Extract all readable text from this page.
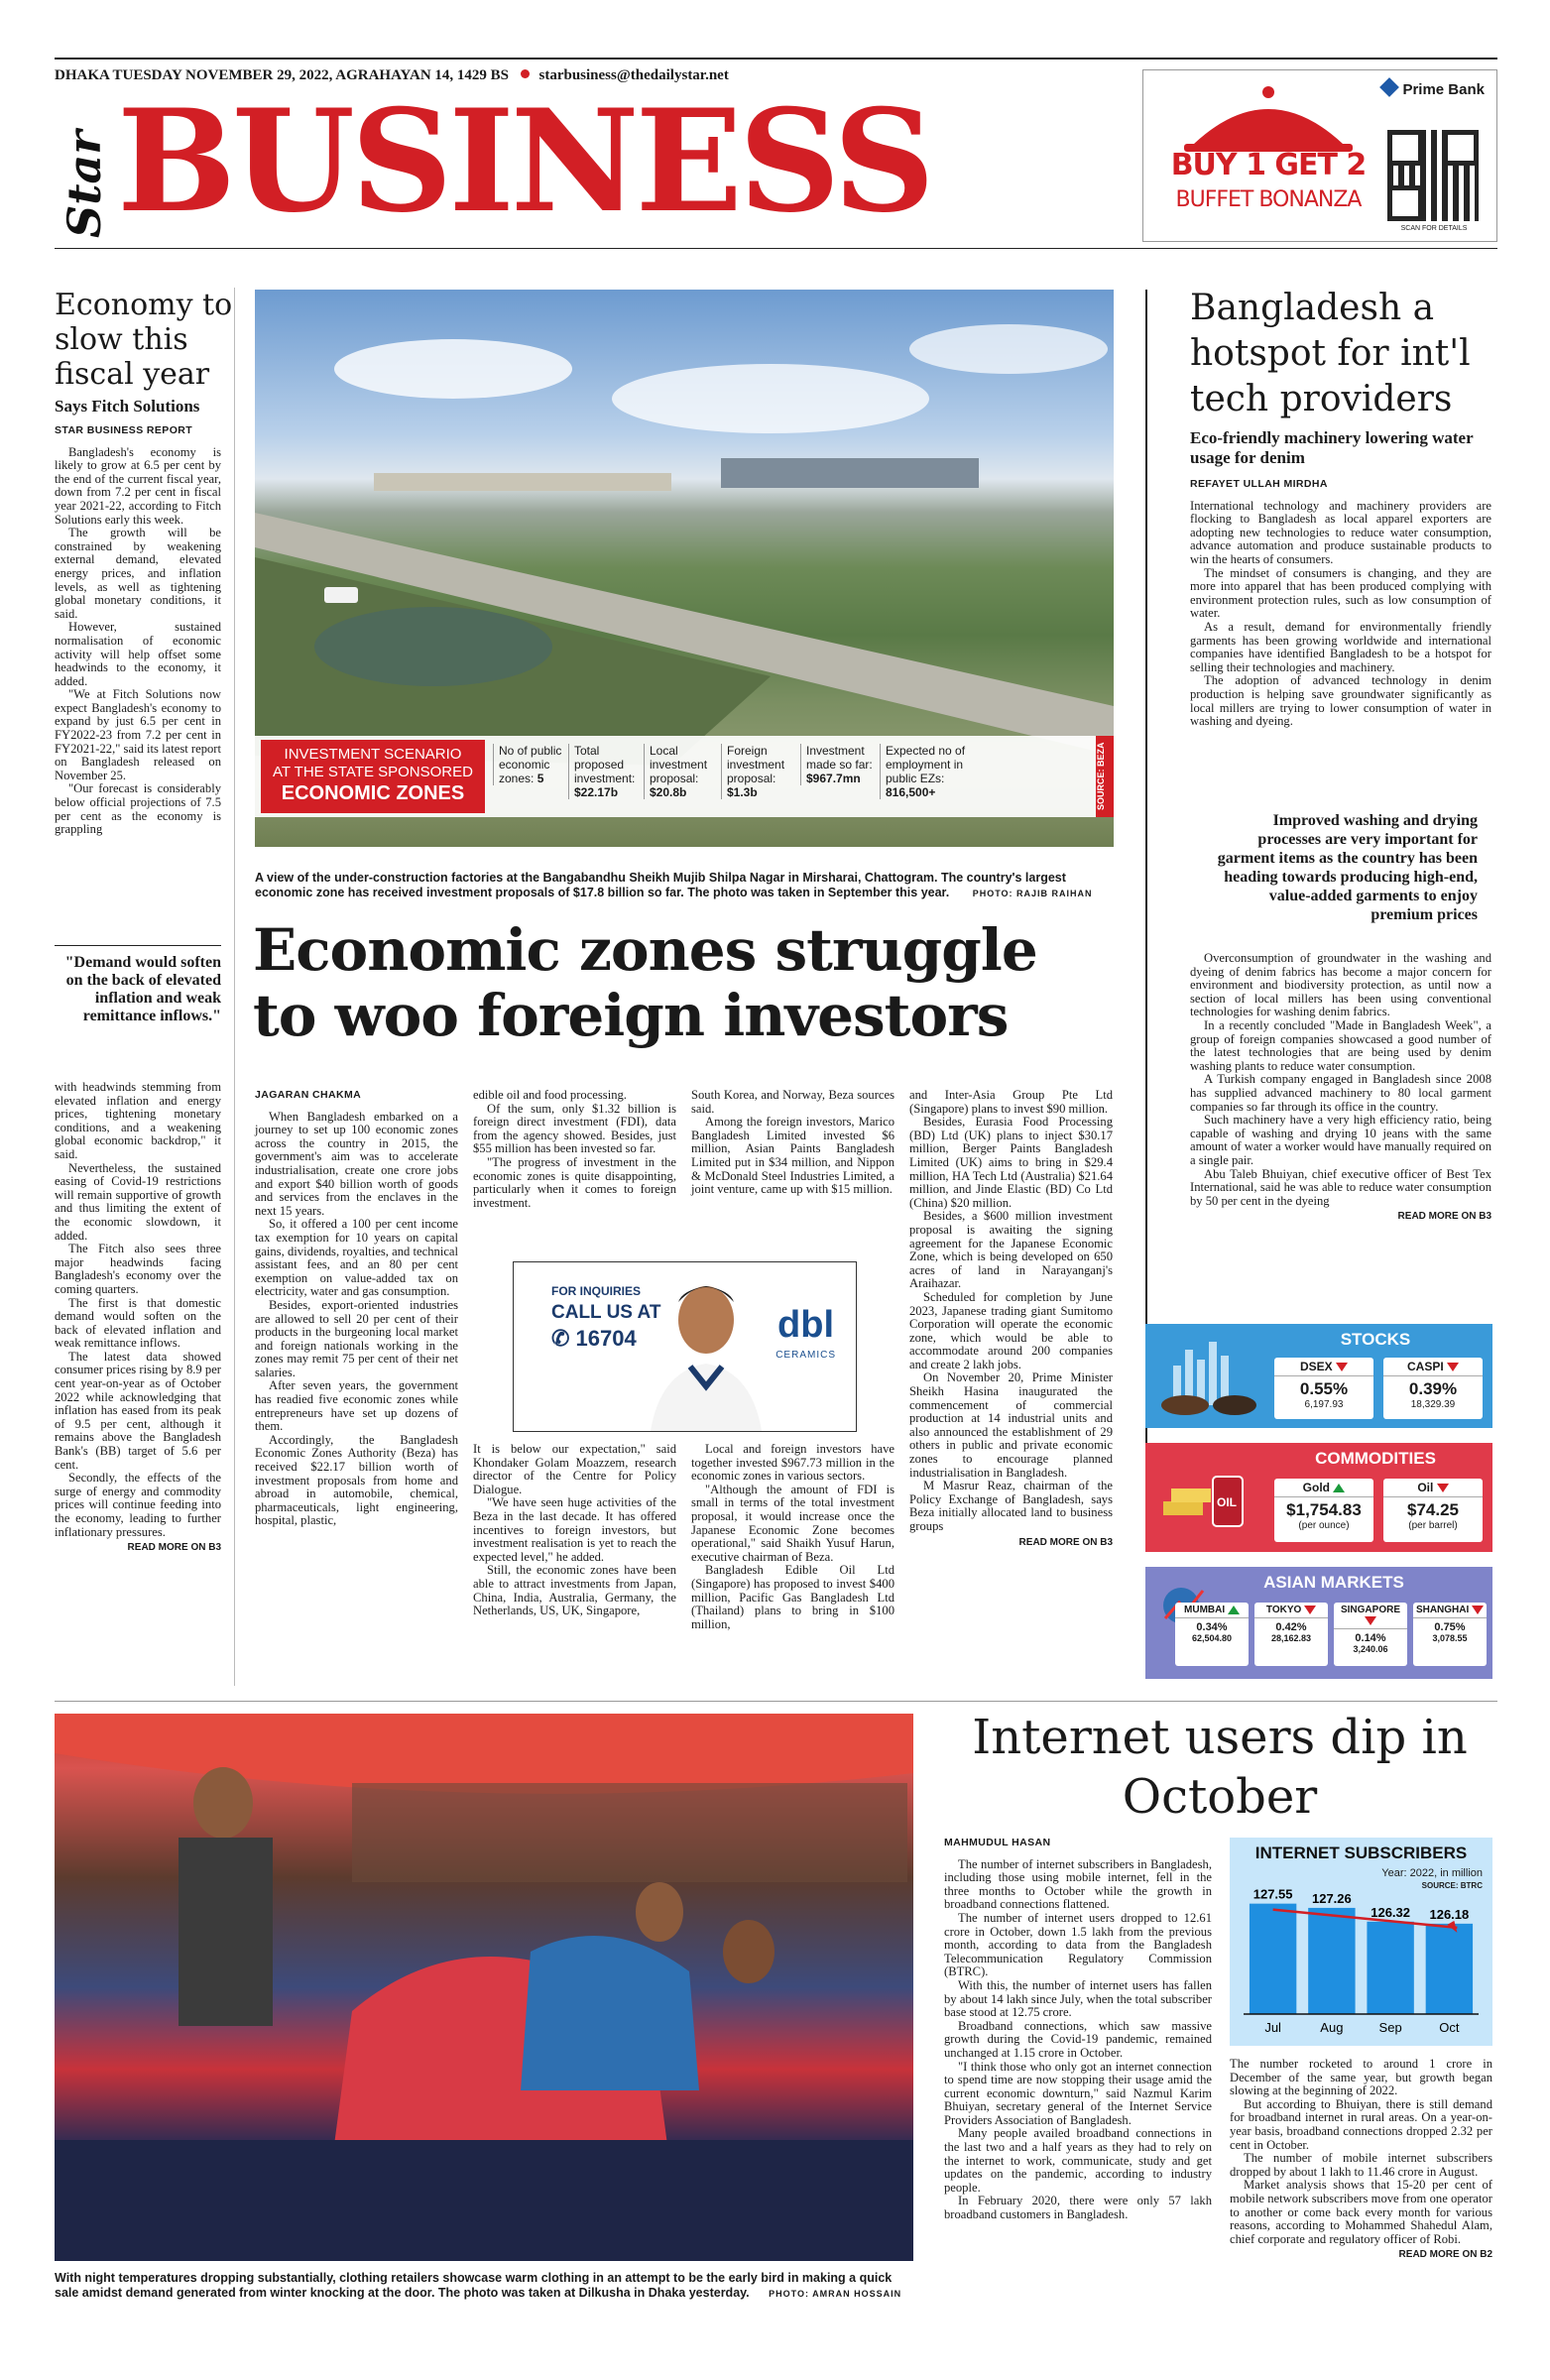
DHAKA TUESDAY NOVEMBER 29, 2022, AGRAHAYAN 14, 1429 BS starbusiness@thedailystar.net
Star BUSINESS	Prime Bank
BUY 1 GET 2
BUFFET BONANZA
SCAN FOR DETAILS
Economy to slow this fiscal year
Says Fitch Solutions
STAR BUSINESS REPORT

Bangladesh's economy is likely to grow at 6.5 per cent by the end of the current fiscal year, down from 7.2 per cent in fiscal year 2021-22, according to Fitch Solutions early this week.

The growth will be constrained by weakening external demand, elevated energy prices, and inflation levels, as well as tightening global monetary conditions, it said.

However, sustained normalisation of economic activity will help offset some headwinds to the economy, it added.

"We at Fitch Solutions now expect Bangladesh's economy to expand by just 6.5 per cent in FY2022-23 from 7.2 per cent in FY2021-22," said its latest report on Bangladesh released on November 25.

"Our forecast is considerably below official projections of 7.5 per cent as the economy is grappling

"Demand would soften on the back of elevated inflation and weak remittance inflows."

with headwinds stemming from elevated inflation and energy prices, tightening monetary conditions, and a weakening global economic backdrop," it said.

Nevertheless, the sustained easing of Covid-19 restrictions will remain supportive of growth and thus limiting the extent of the economic slowdown, it added.

The Fitch also sees three major headwinds facing Bangladesh's economy over the coming quarters.

The first is that domestic demand would soften on the back of elevated inflation and weak remittance inflows.

The latest data showed consumer prices rising by 8.9 per cent year-on-year as of October 2022 while acknowledging that inflation has eased from its peak of 9.5 per cent, although it remains above the Bangladesh Bank's (BB) target of 5.6 per cent.

Secondly, the effects of the surge of energy and commodity prices will continue feeding into the economy, leading to further inflationary pressures.

READ MORE ON B3
INVESTMENT SCENARIO
AT THE STATE SPONSORED
ECONOMIC ZONES
No of public economic zones: 5
Total proposed investment: $22.17b
Local investment proposal: $20.8b
Foreign investment proposal: $1.3b
Investment made so far: $967.7mn
Expected no of employment in public EZs: 816,500+	SOURCE: BEZA
A view of the under-construction factories at the Bangabandhu Sheikh Mujib Shilpa Nagar in Mirsharai, Chattogram. The country's largest economic zone has received investment proposals of $17.8 billion so far. The photo was taken in September this year.	PHOTO: RAJIB RAIHAN
Economic zones struggle to woo foreign investors
JAGARAN CHAKMA

When Bangladesh embarked on a journey to set up 100 economic zones across the country in 2015, the government's aim was to accelerate industrialisation, create one crore jobs and export $40 billion worth of goods and services from the enclaves in the next 15 years.

So, it offered a 100 per cent income tax exemption for 10 years on capital gains, dividends, royalties, and technical assistant fees, and an 80 per cent exemption on value-added tax on electricity, water and gas consumption.

Besides, export-oriented industries are allowed to sell 20 per cent of their products in the burgeoning local market and foreign nationals working in the zones may remit 75 per cent of their net salaries.

After seven years, the government has readied five economic zones while entrepreneurs have set up dozens of them.

Accordingly, the Bangladesh Economic Zones Authority (Beza) has received $22.17 billion worth of investment proposals from home and abroad in automobile, chemical, pharmaceuticals, light engineering, hospital, plastic,

edible oil and food processing.

Of the sum, only $1.32 billion is foreign direct investment (FDI), data from the agency showed. Besides, just $55 million has been invested so far.

"The progress of investment in the economic zones is quite disappointing, particularly when it comes to foreign investment.

South Korea, and Norway, Beza sources said.

Among the foreign investors, Marico Bangladesh Limited invested $6 million, Asian Paints Bangladesh Limited put in $34 million, and Nippon & McDonald Steel Industries Limited, a joint venture, came up with $15 million.

FOR INQUIRIES
CALL US AT
✆ 16704	dbl
CERAMICS

It is below our expectation," said Khondaker Golam Moazzem, research director of the Centre for Policy Dialogue.

"We have seen huge activities of the Beza in the last decade. It has offered incentives to foreign investors, but investment realisation is yet to reach the expected level," he added.

Still, the economic zones have been able to attract investments from Japan, China, India, Australia, Germany, the Netherlands, US, UK, Singapore,

Local and foreign investors have together invested $967.73 million in the economic zones in various sectors.

"Although the amount of FDI is small in terms of the total investment proposal, it would increase once the Japanese Economic Zone becomes operational," said Shaikh Yusuf Harun, executive chairman of Beza.

Bangladesh Edible Oil Ltd (Singapore) has proposed to invest $400 million, Pacific Gas Bangladesh Ltd (Thailand) plans to bring in $100 million,

and Inter-Asia Group Pte Ltd (Singapore) plans to invest $90 million.

Besides, Eurasia Food Processing (BD) Ltd (UK) plans to inject $30.17 million, Berger Paints Bangladesh Limited (UK) aims to bring in $29.4 million, HA Tech Ltd (Australia) $21.64 million, and Jinde Elastic (BD) Co Ltd (China) $20 million.

Besides, a $600 million investment proposal is awaiting the signing agreement for the Japanese Economic Zone, which is being developed on 650 acres of land in Narayanganj's Araihazar.

Scheduled for completion by June 2023, Japanese trading giant Sumitomo Corporation will operate the economic zone, which would be able to accommodate around 200 companies and create 2 lakh jobs.

On November 20, Prime Minister Sheikh Hasina inaugurated the commencement of commercial production at 14 industrial units and also announced the establishment of 29 others in public and private economic zones to encourage planned industrialisation in Bangladesh.

M Masrur Reaz, chairman of the Policy Exchange of Bangladesh, says Beza initially allocated land to business groups

READ MORE ON B3
Bangladesh a hotspot for int'l tech providers
Eco-friendly machinery lowering water usage for denim
REFAYET ULLAH MIRDHA

International technology and machinery providers are flocking to Bangladesh as local apparel exporters are adopting new technologies to reduce water consumption, advance automation and produce sustainable products to win the hearts of consumers.

The mindset of consumers is changing, and they are more into apparel that has been produced complying with environment protection rules, such as low consumption of water.

As a result, demand for environmentally friendly garments has been growing worldwide and international companies have identified Bangladesh to be a hotspot for selling their technologies and machinery.

The adoption of advanced technology in denim production is helping save groundwater significantly as local millers are trying to lower consumption of water in washing and dyeing.

Improved washing and drying processes are very important for garment items as the country has been heading towards producing high-end, value-added garments to enjoy premium prices

Overconsumption of groundwater in the washing and dyeing of denim fabrics has become a major concern for environment and biodiversity protection, as until now a section of local millers has been using conventional technologies for washing denim fabrics.

In a recently concluded "Made in Bangladesh Week", a group of foreign companies showcased a good number of the latest technologies that are being used by denim washing plants to reduce water consumption.

A Turkish company engaged in Bangladesh since 2008 has supplied advanced machinery to 80 local garment companies so far through its office in the country.

Such machinery have a very high efficiency ratio, being capable of washing and drying 10 jeans with the same amount of water a worker would have manually required on a single pair.

Abu Taleb Bhuiyan, chief executive officer of Best Tex International, said he was able to reduce water consumption by 50 per cent in the dyeing

READ MORE ON B3
STOCKS
DSEX
0.55%
6,197.93
CASPI
0.39%
18,329.39
OIL
COMMODITIES
Gold
$1,754.83
(per ounce)
Oil
$74.25
(per barrel)
ASIAN MARKETS
MUMBAI
0.34%
62,504.80
TOKYO
0.42%
28,162.83
SINGAPORE
0.14%
3,240.06
SHANGHAI
0.75%
3,078.55
With night temperatures dropping substantially, clothing retailers showcase warm clothing in an attempt to be the early bird in making a quick sale amidst demand generated from winter knocking at the door. The photo was taken at Dilkusha in Dhaka yesterday. PHOTO: AMRAN HOSSAIN
Internet users dip in October
MAHMUDUL HASAN

The number of internet subscribers in Bangladesh, including those using mobile internet, fell in the three months to October while the growth in broadband connections flattened.

The number of internet users dropped to 12.61 crore in October, down 1.5 lakh from the previous month, according to data from the Bangladesh Telecommunication Regulatory Commission (BTRC).

With this, the number of internet users has fallen by about 14 lakh since July, when the total subscriber base stood at 12.75 crore.

Broadband connections, which saw massive growth during the Covid-19 pandemic, remained unchanged at 1.15 crore in October.

"I think those who only got an internet connection to spend time are now stopping their usage amid the current economic downturn," said Nazmul Karim Bhuiyan, secretary general of the Internet Service Providers Association of Bangladesh.

Many people availed broadband connections in the last two and a half years as they had to rely on the internet to work, communicate, study and get updates on the pandemic, according to industry people.

In February 2020, there were only 57 lakh broadband customers in Bangladesh.

INTERNET SUBSCRIBERS
Year: 2022, in million
SOURCE: BTRC
127.55
Jul
127.26
Aug
126.32
Sep
126.18
Oct

The number rocketed to around 1 crore in December of the same year, but growth began slowing at the beginning of 2022.

But according to Bhuiyan, there is still demand for broadband internet in rural areas. On a year-on-year basis, broadband connections dropped 2.32 per cent in October.

The number of mobile internet subscribers dropped by about 1 lakh to 11.46 crore in August.

Market analysis shows that 15-20 per cent of mobile network subscribers move from one operator to another or come back every month for various reasons, according to Mohammed Shahedul Alam, chief corporate and regulatory officer of Robi.

READ MORE ON B2
